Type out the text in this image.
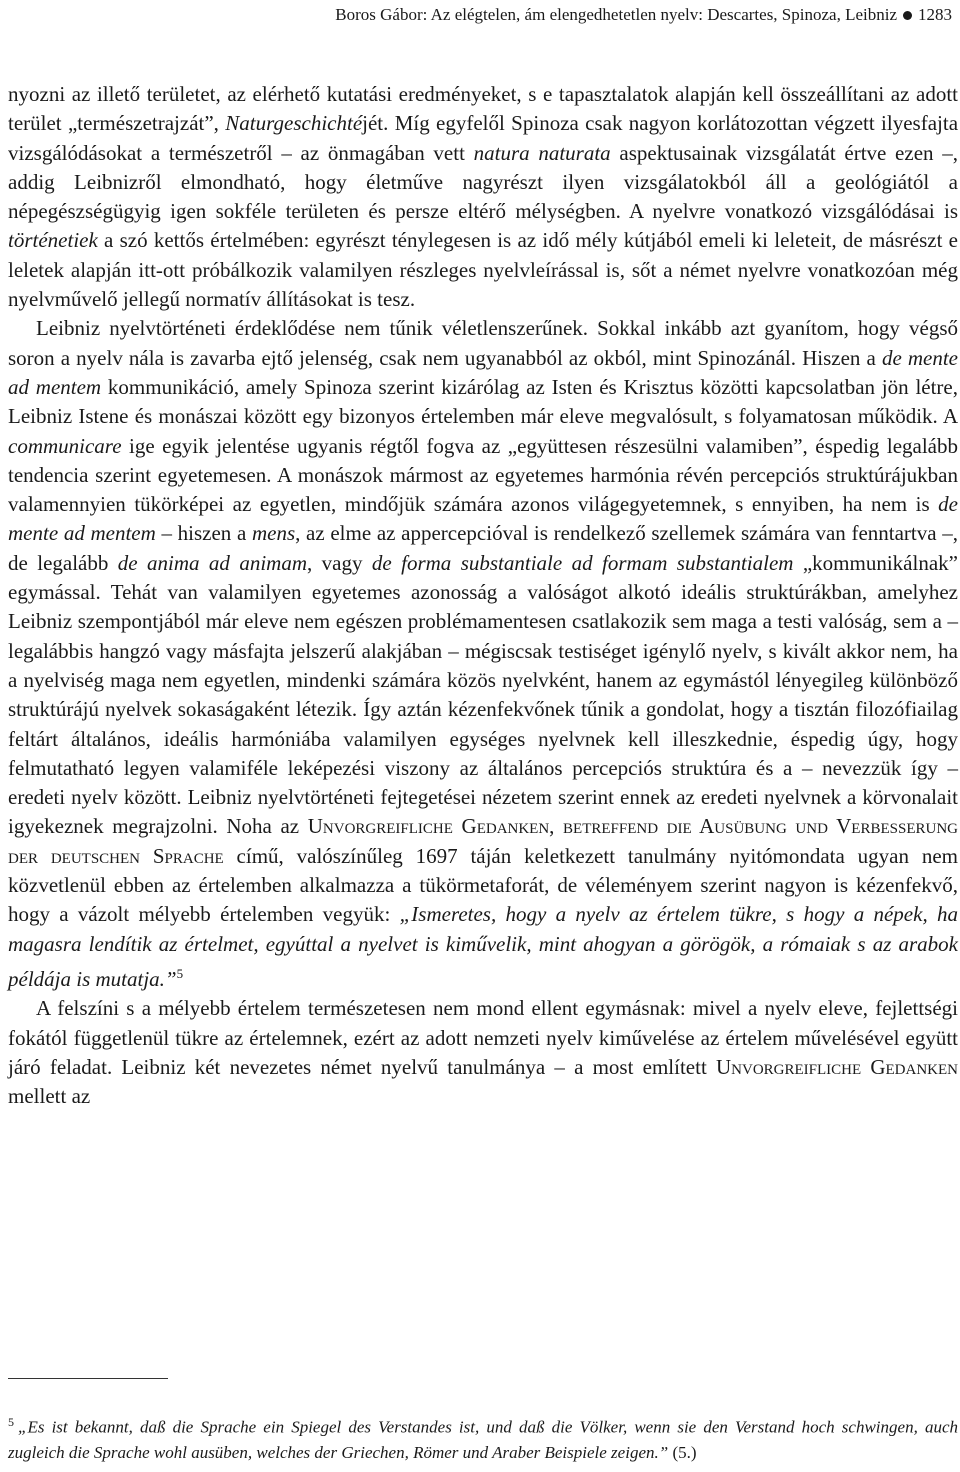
Boros Gábor: Az elégtelen, ám elengedhetetlen nyelv: Descartes, Spinoza, Leibniz 1283

nyozni az illető területet, az elérhető kutatási eredményeket, s e tapasztalatok alapján kell összeállítani az adott terület „természetrajzát”, Naturgeschichtéjét. Míg egyfelől Spinoza csak nagyon korlátozottan végzett ilyesfajta vizsgálódásokat a természetről – az önmagában vett natura naturata aspektusainak vizsgálatát értve ezen –, addig Leibnizről elmondható, hogy életműve nagyrészt ilyen vizsgálatokból áll a geológiától a népegészségügyig igen sokféle területen és persze eltérő mélységben. A nyelvre vonatkozó vizsgálódásai is történetiek a szó kettős értelmében: egyrészt ténylegesen is az idő mély kútjából emeli ki leleteit, de másrészt e leletek alapján itt-ott próbálkozik valamilyen részleges nyelvleírással is, sőt a német nyelvre vonatkozóan még nyelvművelő jellegű normatív állításokat is tesz.

Leibniz nyelvtörténeti érdeklődése nem tűnik véletlenszerűnek. Sokkal inkább azt gyanítom, hogy végső soron a nyelv nála is zavarba ejtő jelenség, csak nem ugyanabból az okból, mint Spinozánál. Hiszen a de mente ad mentem kommunikáció, amely Spinoza szerint kizárólag az Isten és Krisztus közötti kapcsolatban jön létre, Leibniz Istene és monászai között egy bizonyos értelemben már eleve megvalósult, s folyamatosan működik. A communicare ige egyik jelentése ugyanis régtől fogva az „együttesen részesülni valamiben”, éspedig legalább tendencia szerint egyetemesen. A monászok mármost az egyetemes harmónia révén percepciós struktúrájukban valamennyien tükörképei az egyetlen, mindőjük számára azonos világegyetemnek, s ennyiben, ha nem is de mente ad mentem – hiszen a mens, az elme az appercepcióval is rendelkező szellemek számára van fenntartva –, de legalább de anima ad animam, vagy de forma substantiale ad formam substantialem „kommunikálnak” egymással. Tehát van valamilyen egyetemes azonosság a valóságot alkotó ideális struktúrákban, amelyhez Leibniz szempontjából már eleve nem egészen problémamentesen csatlakozik sem maga a testi valóság, sem a – legalábbis hangzó vagy másfajta jelszerű alakjában – mégiscsak testiséget igénylő nyelv, s kivált akkor nem, ha a nyelviség maga nem egyetlen, mindenki számára közös nyelvként, hanem az egymástól lényegileg különböző struktúrájú nyelvek sokaságaként létezik. Így aztán kézenfekvőnek tűnik a gondolat, hogy a tisztán filozófiailag feltárt általános, ideális harmóniába valamilyen egységes nyelvnek kell illeszkednie, éspedig úgy, hogy felmutatható legyen valamiféle leképezési viszony az általános percepciós struktúra és a – nevezzük így – eredeti nyelv között. Leibniz nyelvtörténeti fejtegetései nézetem szerint ennek az eredeti nyelvnek a körvonalait igyekeznek megrajzolni. Noha az Unvorgreifliche Gedanken, betreffend die Ausübung und Verbesserung der deutschen Sprache című, valószínűleg 1697 táján keletkezett tanulmány nyitómondata ugyan nem közvetlenül ebben az értelemben alkalmazza a tükörmetaforát, de véleményem szerint nagyon is kézenfekvő, hogy a vázolt mélyebb értelemben vegyük: „Ismeretes, hogy a nyelv az értelem tükre, s hogy a népek, ha magasra lendítik az értelmet, egyúttal a nyelvet is kiművelik, mint ahogyan a görögök, a rómaiak s az arabok példája is mutatja.”$^5$

A felszíni s a mélyebb értelem természetesen nem mond ellent egymásnak: mivel a nyelv eleve, fejlettségi fokától függetlenül tükre az értelemnek, ezért az adott nemzeti nyelv kiművelése az értelem művelésével együtt járó feladat. Leibniz két nevezetes német nyelvű tanulmánya – a most említett Unvorgreifliche Gedanken mellett az

$^5$ „Es ist bekannt, daß die Sprache ein Spiegel des Verstandes ist, und daß die Völker, wenn sie den Verstand hoch schwingen, auch zugleich die Sprache wohl ausüben, welches der Griechen, Römer und Araber Beispiele zeigen.” (5.)
